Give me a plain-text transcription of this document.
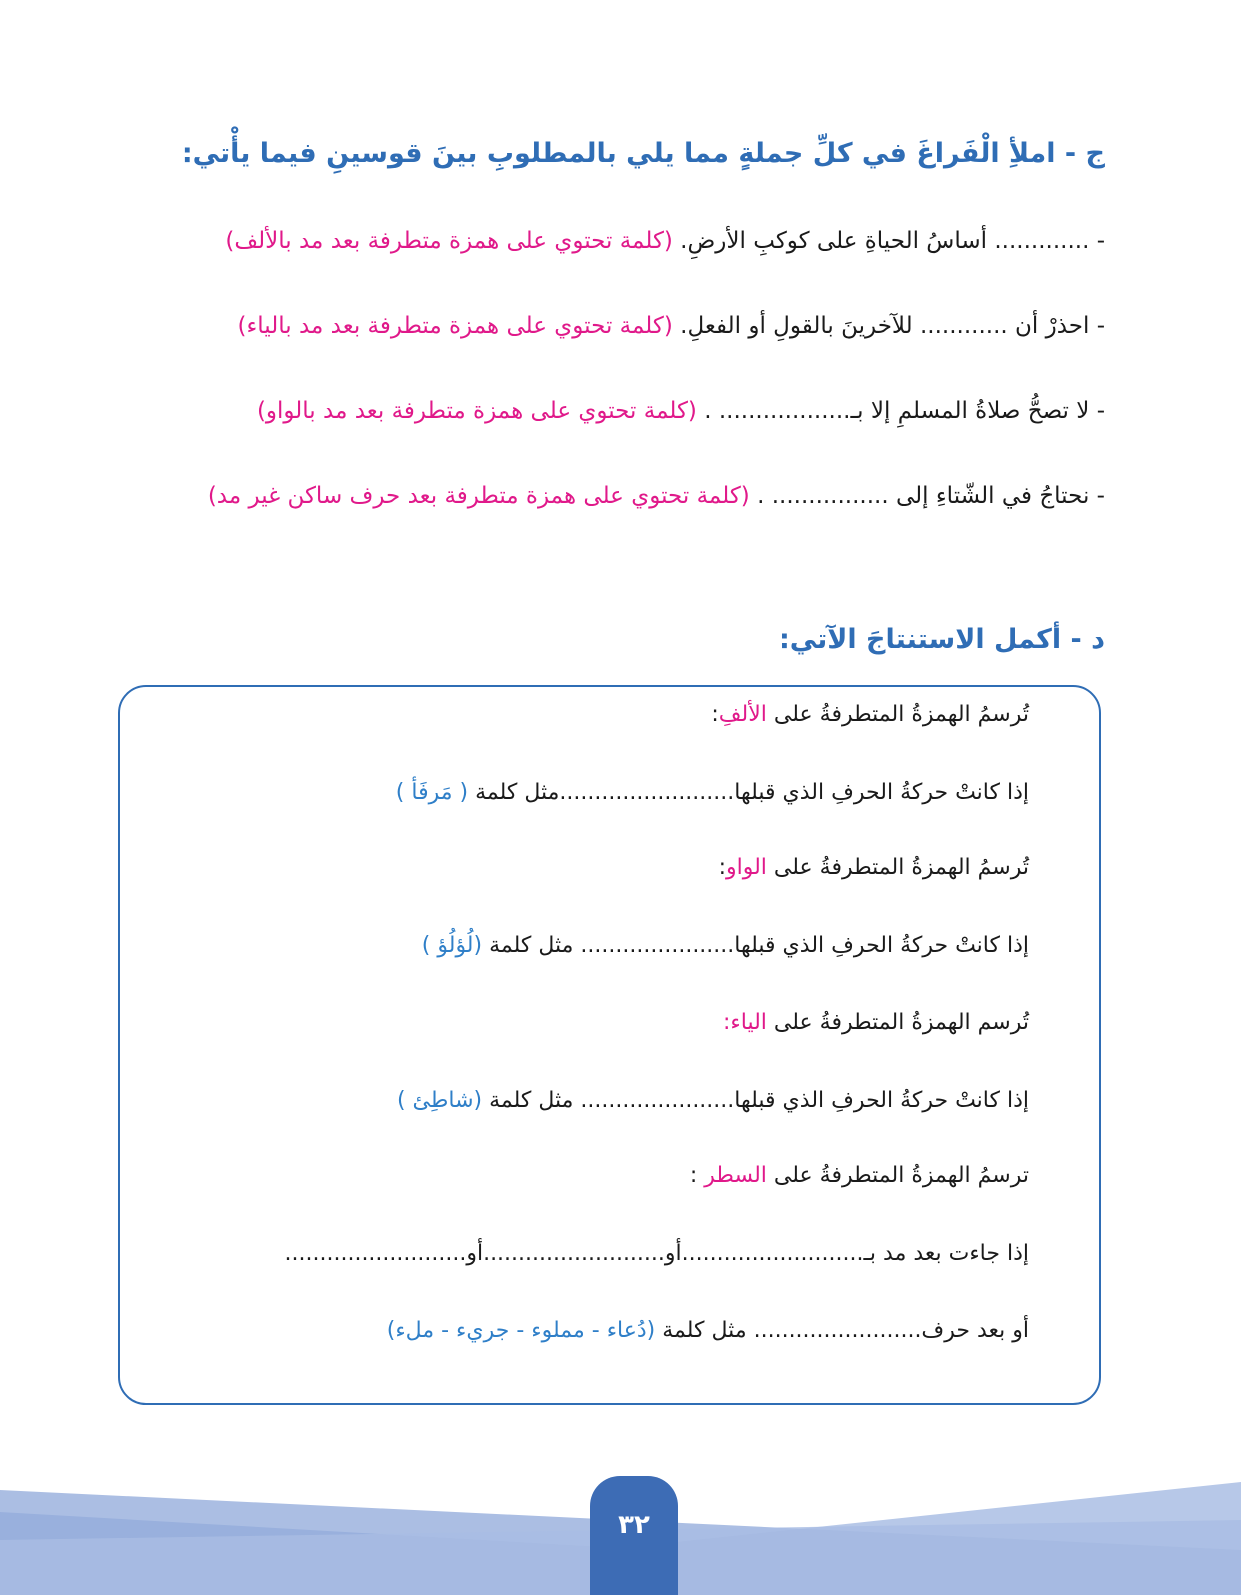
ج - املأِ الْفَراغَ في كلِّ جملةٍ مما يلي بالمطلوبِ بينَ قوسينِ فيما يأْتي:
- ............. أساسُ الحياةِ على كوكبِ الأرضِ. (كلمة تحتوي على همزة متطرفة بعد مد بالألف)
- احذرْ أن ............ للآخرينَ بالقولِ أو الفعلِ. (كلمة تحتوي على همزة متطرفة بعد مد بالياء)
- لا تصحُّ صلاةُ المسلمِ إلا بـ.................. . (كلمة تحتوي على همزة متطرفة بعد مد بالواو)
- نحتاجُ في الشّتاءِ إلى ................ . (كلمة تحتوي على همزة متطرفة بعد حرف ساكن غير مد)
د - أكمل الاستنتاجَ الآتي:
تُرسمُ الهمزةُ المتطرفةُ على الألفِ:
إذا كانتْ حركةُ الحرفِ الذي قبلها.........................مثل كلمة ( مَرفَأ )
تُرسمُ الهمزةُ المتطرفةُ على الواو:
إذا كانتْ حركةُ الحرفِ الذي قبلها...................... مثل كلمة (لُؤلُؤ )
تُرسم الهمزةُ المتطرفةُ على الياء:
إذا كانتْ حركةُ الحرفِ الذي قبلها...................... مثل كلمة (شاطِئ )
ترسمُ الهمزةُ المتطرفةُ على السطر :
إذا جاءت بعد مد بـ..........................أو..........................أو..........................
أو بعد حرف........................ مثل كلمة (دُعاء - مملوء - جريء - ملء)
٣٢
